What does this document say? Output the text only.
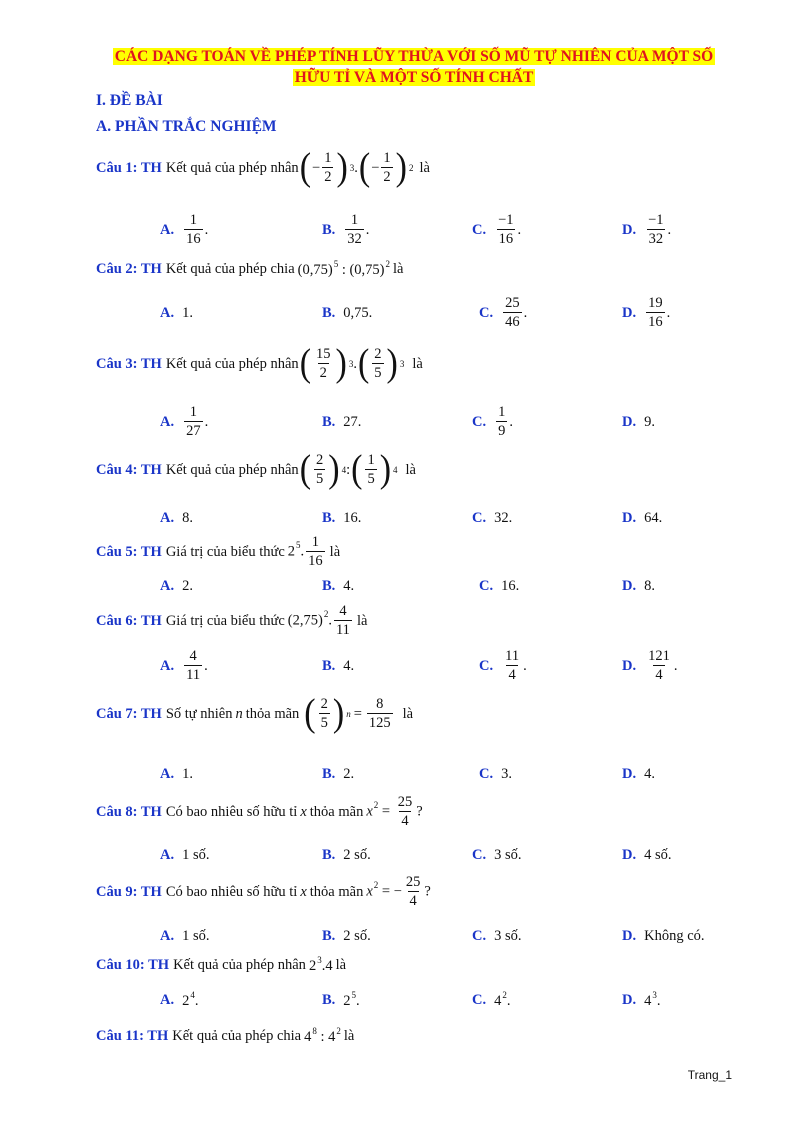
CÁC DẠNG TOÁN VỀ PHÉP TÍNH LŨY THỪA VỚI SỐ MŨ TỰ NHIÊN CỦA MỘT SỐ
HỮU TỈ VÀ MỘT SỐ TÍNH CHẤT
I. ĐỀ BÀI
A. PHẦN TRẮC NGHIỆM
Câu 1: TH Kết quả của phép nhân ( − $\frac{1}{2}$ ) 3 . ( − $\frac{1}{2}$ ) 2 là
A. $\frac{1}{16}$ .	B. $\frac{1}{32}$ .	C. $\frac{-1}{16}$ .	D. $\frac{-1}{32}$ .
Câu 2: TH Kết quả của phép chia $(0,75)^5$ : $(0,75)^2$ là
A. 1.	B. 0,75.	C. $\frac{25}{46}$ .	D. $\frac{19}{16}$ .
Câu 3: TH Kết quả của phép nhân ( $\frac{15}{2}$ ) 3 . ( $\frac{2}{5}$ ) 3 là
A. $\frac{1}{27}$ .	B. 27.	C. $\frac{1}{9}$ .	D. 9.
Câu 4: TH Kết quả của phép nhân ( $\frac{2}{5}$ ) 4 : ( $\frac{1}{5}$ ) 4 là
A. 8.	B. 16.	C. 32.	D. 64.
Câu 5: TH Giá trị của biểu thức $2^5$. $\frac{1}{16}$ là
A. 2.	B. 4.	C. 16.	D. 8.
Câu 6: TH Giá trị của biểu thức $(2,75)^2$. $\frac{4}{11}$ là
A. $\frac{4}{11}$ .	B. 4.	C. $\frac{11}{4}$ .	D. $\frac{121}{4}$ .
Câu 7: TH Số tự nhiên n thỏa mãn ( $\frac{2}{5}$ ) $n = \frac{8}{125}$ là
A. 1.	B. 2.	C. 3.	D. 4.
Câu 8: TH Có bao nhiêu số hữu tỉ x thỏa mãn $x^2 = \frac{25}{4}$ ?
A. 1 số.	B. 2 số.	C. 3 số.	D. 4 số.
Câu 9: TH Có bao nhiêu số hữu tỉ x thỏa mãn $x^2$ = − $\frac{25}{4}$ ?
A. 1 số.	B. 2 số.	C. 3 số.	D. Không có.
Câu 10: TH Kết quả của phép nhân $2^3.4$ là
A. $2^4$.	B. $2^5$.	C. $4^2$.	D. $4^3$.
Câu 11: TH Kết quả của phép chia $4^8$ : $4^2$ là
Trang_1
